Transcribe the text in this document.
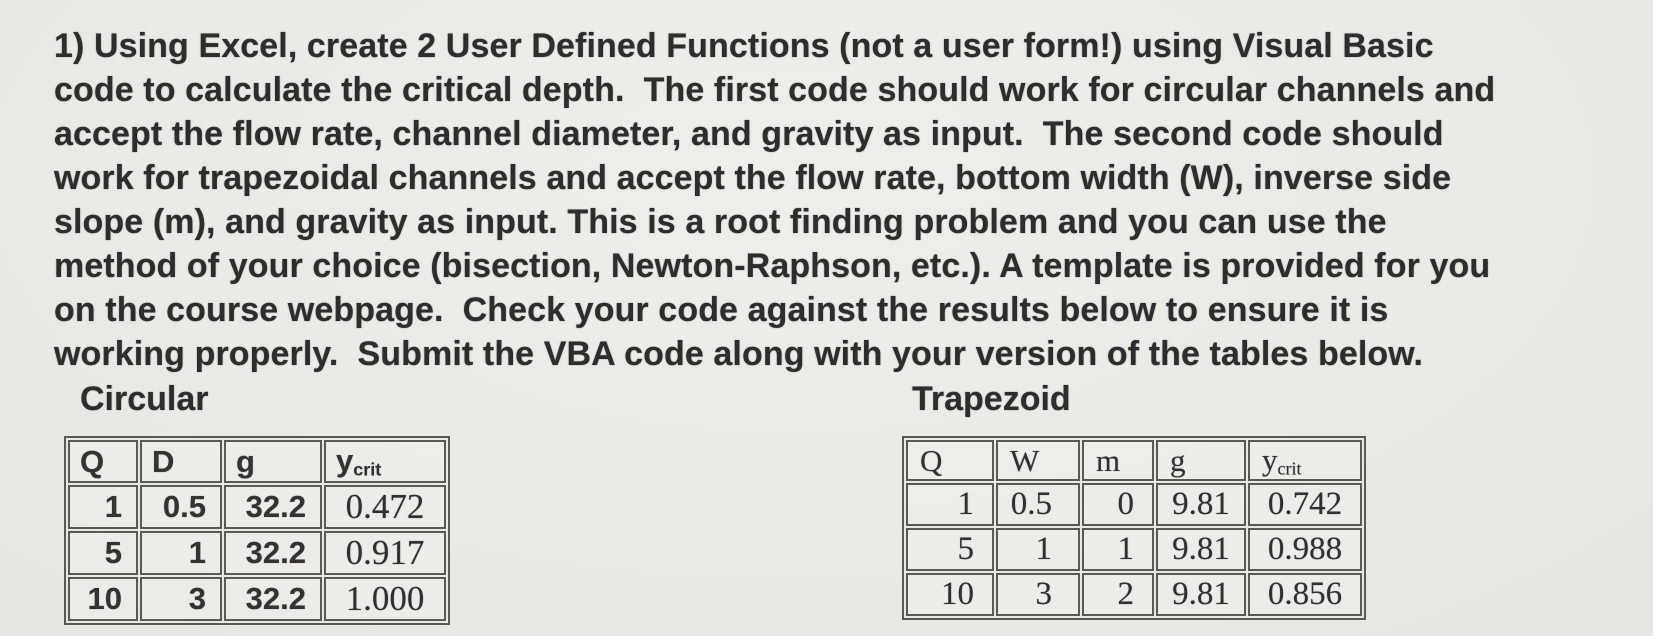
1) Using Excel, create 2 User Defined Functions (not a user form!) using Visual Basic
code to calculate the critical depth.  The first code should work for circular channels and
accept the flow rate, channel diameter, and gravity as input.  The second code should
work for trapezoidal channels and accept the flow rate, bottom width (W), inverse side
slope (m), and gravity as input. This is a root finding problem and you can use the
method of your choice (bisection, Newton-Raphson, etc.). A template is provided for you
on the course webpage.  Check your code against the results below to ensure it is
working properly.  Submit the VBA code along with your version of the tables below.
Circular	Trapezoid
Q	D	g	ycrit
1	0.5	32.2	0.472
5	1	32.2	0.917
10	3	32.2	1.000
Q	W	m	g	ycrit
1	0.5	0	9.81	0.742
5	1	1	9.81	0.988
10	3	2	9.81	0.856
